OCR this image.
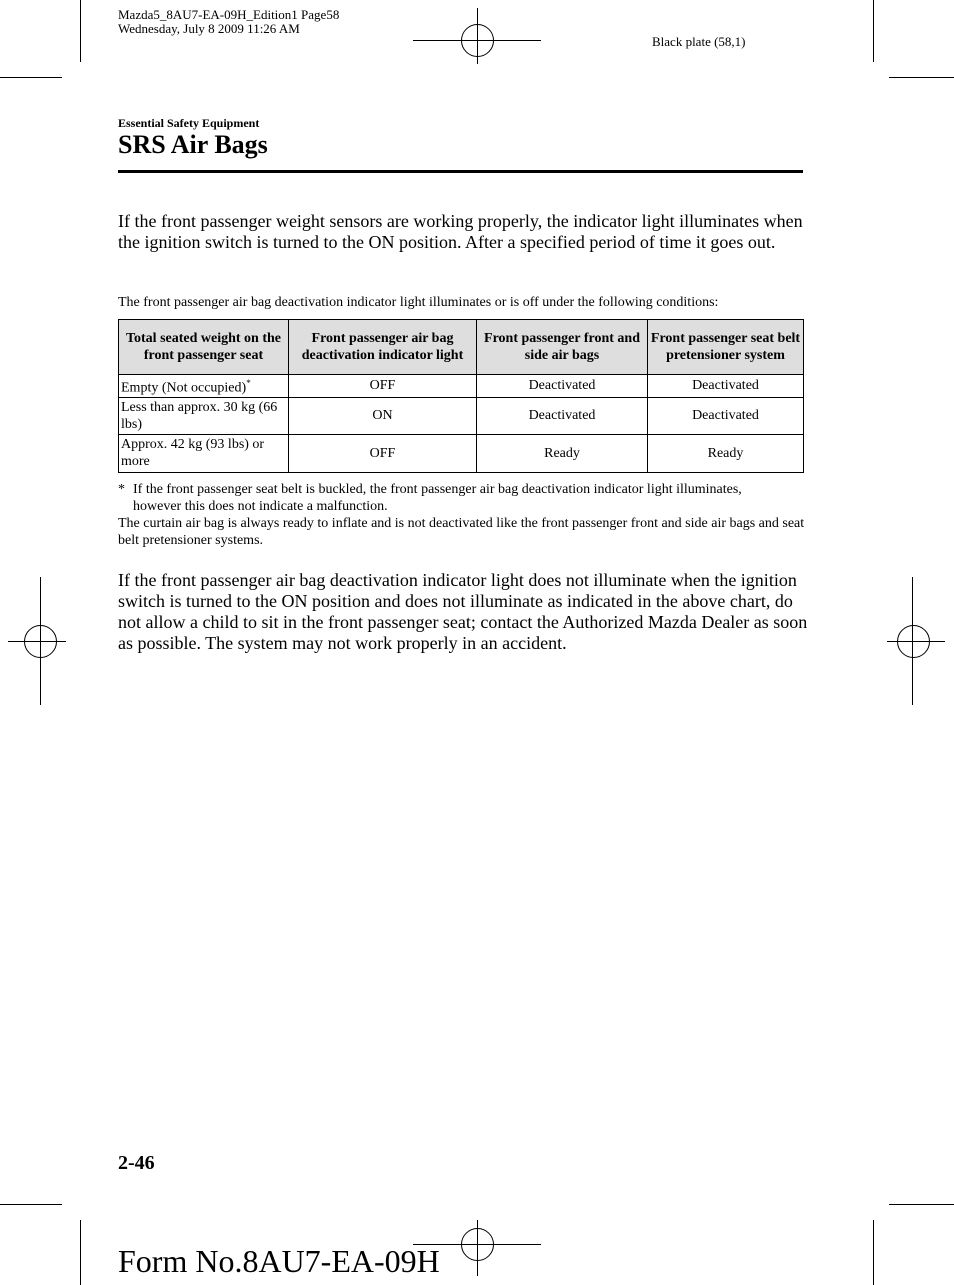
Mazda5_8AU7-EA-09H_Edition1 Page58
Wednesday, July 8 2009 11:26 AM
Black plate (58,1)
Essential Safety Equipment
SRS Air Bags
If the front passenger weight sensors are working properly, the indicator light illuminates when the ignition switch is turned to the ON position. After a specified period of time it goes out.
The front passenger air bag deactivation indicator light illuminates or is off under the following conditions:
Total seated weight on the front passenger seat	Front passenger air bag deactivation indicator light	Front passenger front and side air bags	Front passenger seat belt pretensioner system
Empty (Not occupied)*	OFF	Deactivated	Deactivated
Less than approx. 30 kg (66 lbs)	ON	Deactivated	Deactivated
Approx. 42 kg (93 lbs) or more	OFF	Ready	Ready
* If the front passenger seat belt is buckled, the front passenger air bag deactivation indicator light illuminates, however this does not indicate a malfunction.
The curtain air bag is always ready to inflate and is not deactivated like the front passenger front and side air bags and seat belt pretensioner systems.
If the front passenger air bag deactivation indicator light does not illuminate when the ignition switch is turned to the ON position and does not illuminate as indicated in the above chart, do not allow a child to sit in the front passenger seat; contact the Authorized Mazda Dealer as soon as possible. The system may not work properly in an accident.
2-46
Form No.8AU7-EA-09H
